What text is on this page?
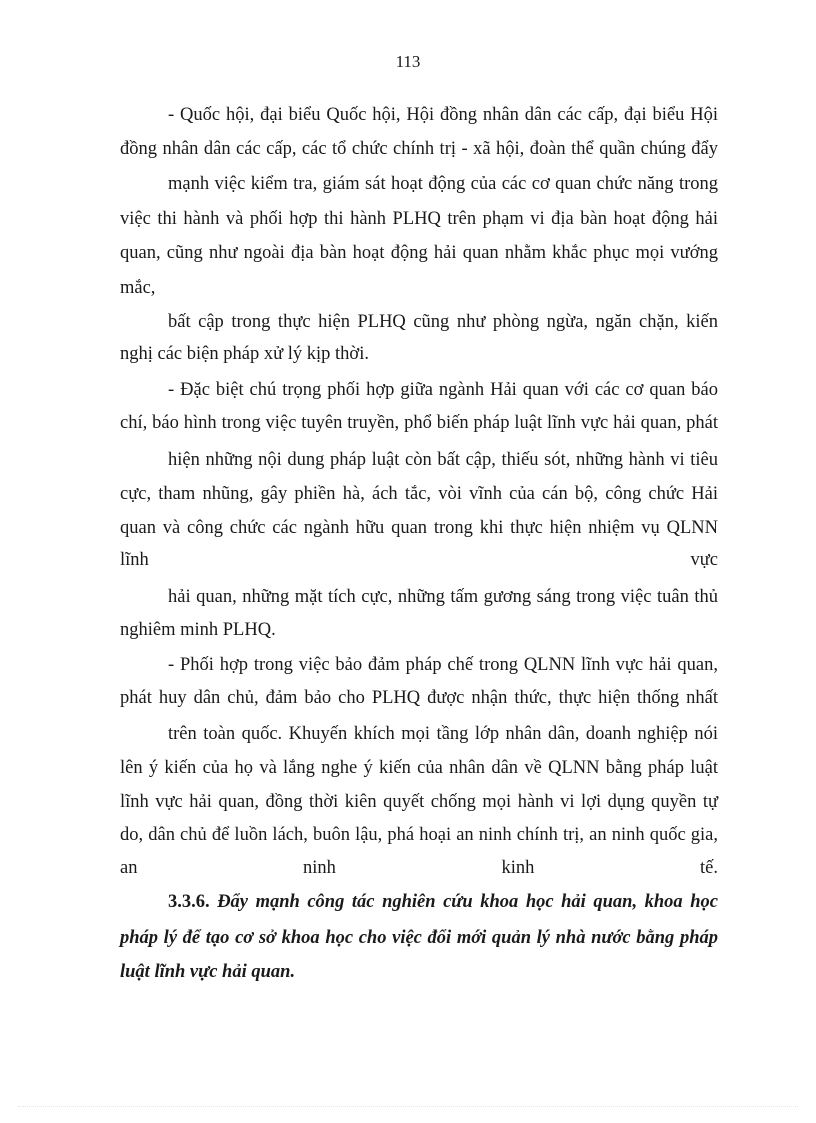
113
- Quốc hội, đại biểu Quốc hội, Hội đồng nhân dân các cấp, đại biểu Hội
đồng nhân dân các cấp, các tổ chức chính trị - xã hội, đoàn thể quần chúng đẩy
mạnh việc kiểm tra, giám sát hoạt động của các cơ quan chức năng trong
việc thi hành và phối hợp thi hành PLHQ trên phạm vi địa bàn hoạt động hải
quan, cũng như ngoài địa bàn hoạt động hải quan nhằm khắc phục mọi vướng
mắc,
bất cập trong thực hiện PLHQ cũng như phòng ngừa, ngăn chặn, kiến
nghị các biện pháp xử lý kịp thời.
- Đặc biệt chú trọng phối hợp giữa ngành Hải quan với các cơ quan báo
chí, báo hình trong việc tuyên truyền, phổ biến pháp luật lĩnh vực hải quan, phát
hiện những nội dung pháp luật còn bất cập, thiếu sót, những hành vi tiêu
cực, tham nhũng, gây phiền hà, ách tắc, vòi vĩnh của cán bộ, công chức Hải
quan và công chức các ngành hữu quan trong khi thực hiện nhiệm vụ QLNN
lĩnh	vực
hải quan, những mặt tích cực, những tấm gương sáng trong việc tuân thủ
nghiêm minh PLHQ.
- Phối hợp trong việc bảo đảm pháp chế trong QLNN lĩnh vực hải quan,
phát huy dân chủ, đảm bảo cho PLHQ được nhận thức, thực hiện thống nhất
trên toàn quốc. Khuyến khích mọi tầng lớp nhân dân, doanh nghiệp nói
lên ý kiến của họ và lắng nghe ý kiến của nhân dân về QLNN bằng pháp luật
lĩnh vực hải quan, đồng thời kiên quyết chống mọi hành vi lợi dụng quyền tự
do, dân chủ để luồn lách, buôn lậu, phá hoại an ninh chính trị, an ninh quốc gia,
an	ninh	kinh	tế.
3.3.6. Đẩy mạnh công tác nghiên cứu khoa học hải quan, khoa học
pháp lý để tạo cơ sở khoa học cho việc đổi mới quản lý nhà nước bằng pháp
luật lĩnh vực hải quan.
